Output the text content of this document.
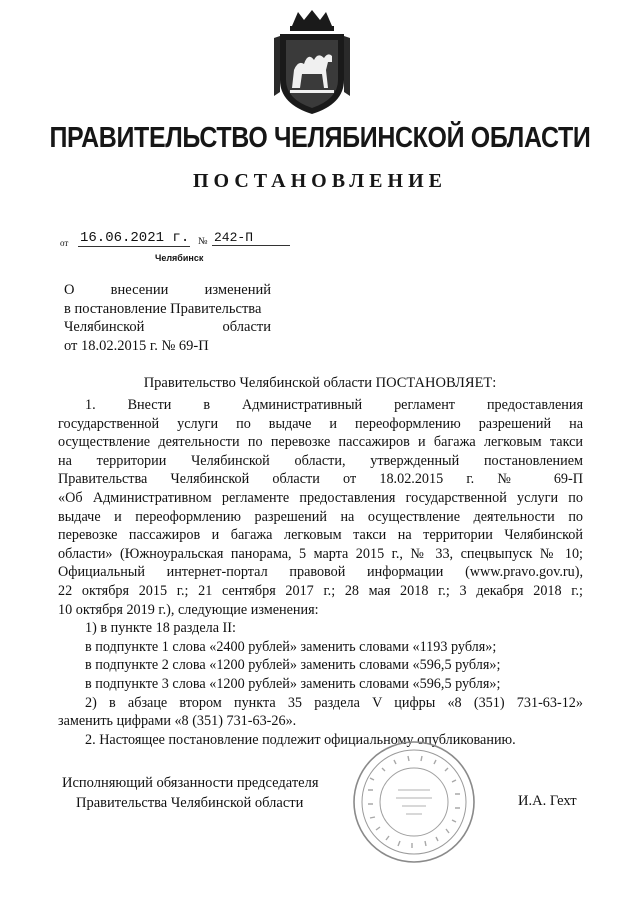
ПРАВИТЕЛЬСТВО ЧЕЛЯБИНСКОЙ ОБЛАСТИ
ПОСТАНОВЛЕНИЕ
от 16.06.2021 г. № 242-П
Челябинск
О внесении изменений
в постановление Правительства
Челябинской области
от 18.02.2015 г. № 69-П
Правительство Челябинской области ПОСТАНОВЛЯЕТ:
1. Внести в Административный регламент предоставления
государственной услуги по выдаче и переоформлению разрешений на
осуществление деятельности по перевозке пассажиров и багажа легковым такси
на территории Челябинской области, утвержденный постановлением
Правительства Челябинской области от 18.02.2015 г. № 69-П
«Об Административном регламенте предоставления государственной услуги по
выдаче и переоформлению разрешений на осуществление деятельности по
перевозке пассажиров и багажа легковым такси на территории Челябинской
области» (Южноуральская панорама, 5 марта 2015 г., № 33, спецвыпуск № 10;
Официальный интернет-портал правовой информации (www.pravo.gov.ru),
22 октября 2015 г.; 21 сентября 2017 г.; 28 мая 2018 г.; 3 декабря 2018 г.;
10 октября 2019 г.), следующие изменения:
1) в пункте 18 раздела II:
в подпункте 1 слова «2400 рублей» заменить словами «1193 рубля»;
в подпункте 2 слова «1200 рублей» заменить словами «596,5 рубля»;
в подпункте 3 слова «1200 рублей» заменить словами «596,5 рубля»;
2) в абзаце втором пункта 35 раздела V цифры «8 (351) 731-63-12»
заменить цифрами «8 (351) 731-63-26».
2. Настоящее постановление подлежит официальному опубликованию.
Исполняющий обязанности председателя
Правительства Челябинской области	И.А. Гехт
